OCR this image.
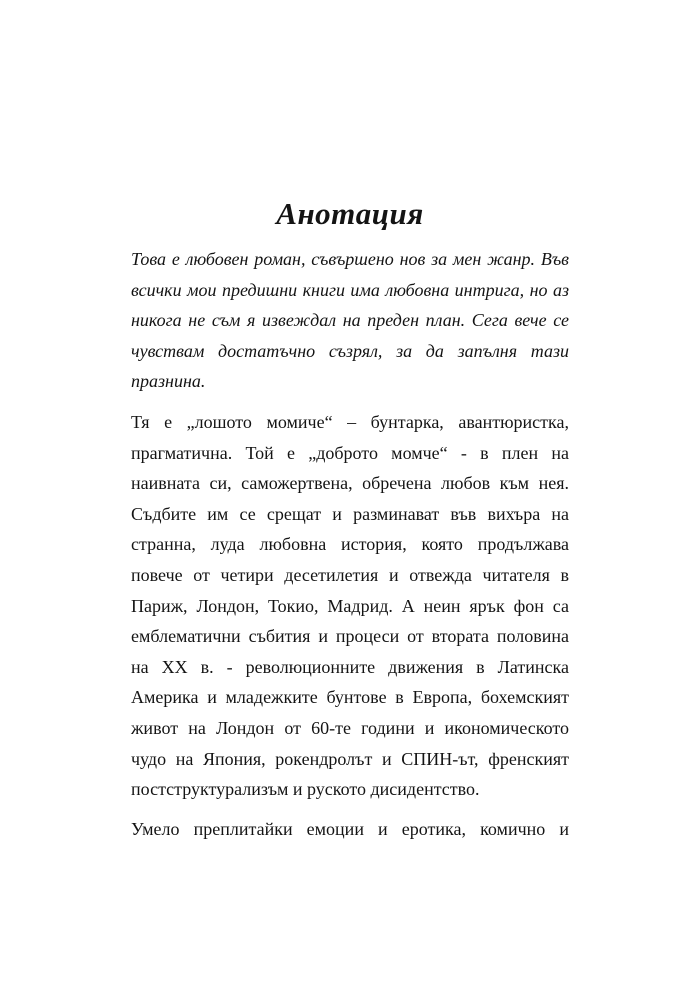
Анотация

Това е любовен роман, съвършено нов за мен жанр. Във всички мои предишни книги има любовна интрига, но аз никога не съм я извеждал на преден план. Сега вече се чувствам достатъчно съзрял, за да запълня тази празнина.

Тя е „лошото момиче“ – бунтарка, авантюристка, прагматична. Той е „доброто момче“ - в плен на наивната си, саможертвена, обречена любов към нея. Съдбите им се срещат и разминават във вихъра на странна, луда любовна история, която продължава повече от четири десетилетия и отвежда читателя в Париж, Лондон, Токио, Мадрид. А неин ярък фон са емблематични събития и процеси от втората половина на XX в. - революционните движения в Латинска Америка и младежките бунтове в Европа, бохемският живот на Лондон от 60-те години и икономическото чудо на Япония, рокендролът и СПИН-ът, френският постструктурализъм и руското дисидентство.

Умело преплитайки емоции и еротика, комично и
